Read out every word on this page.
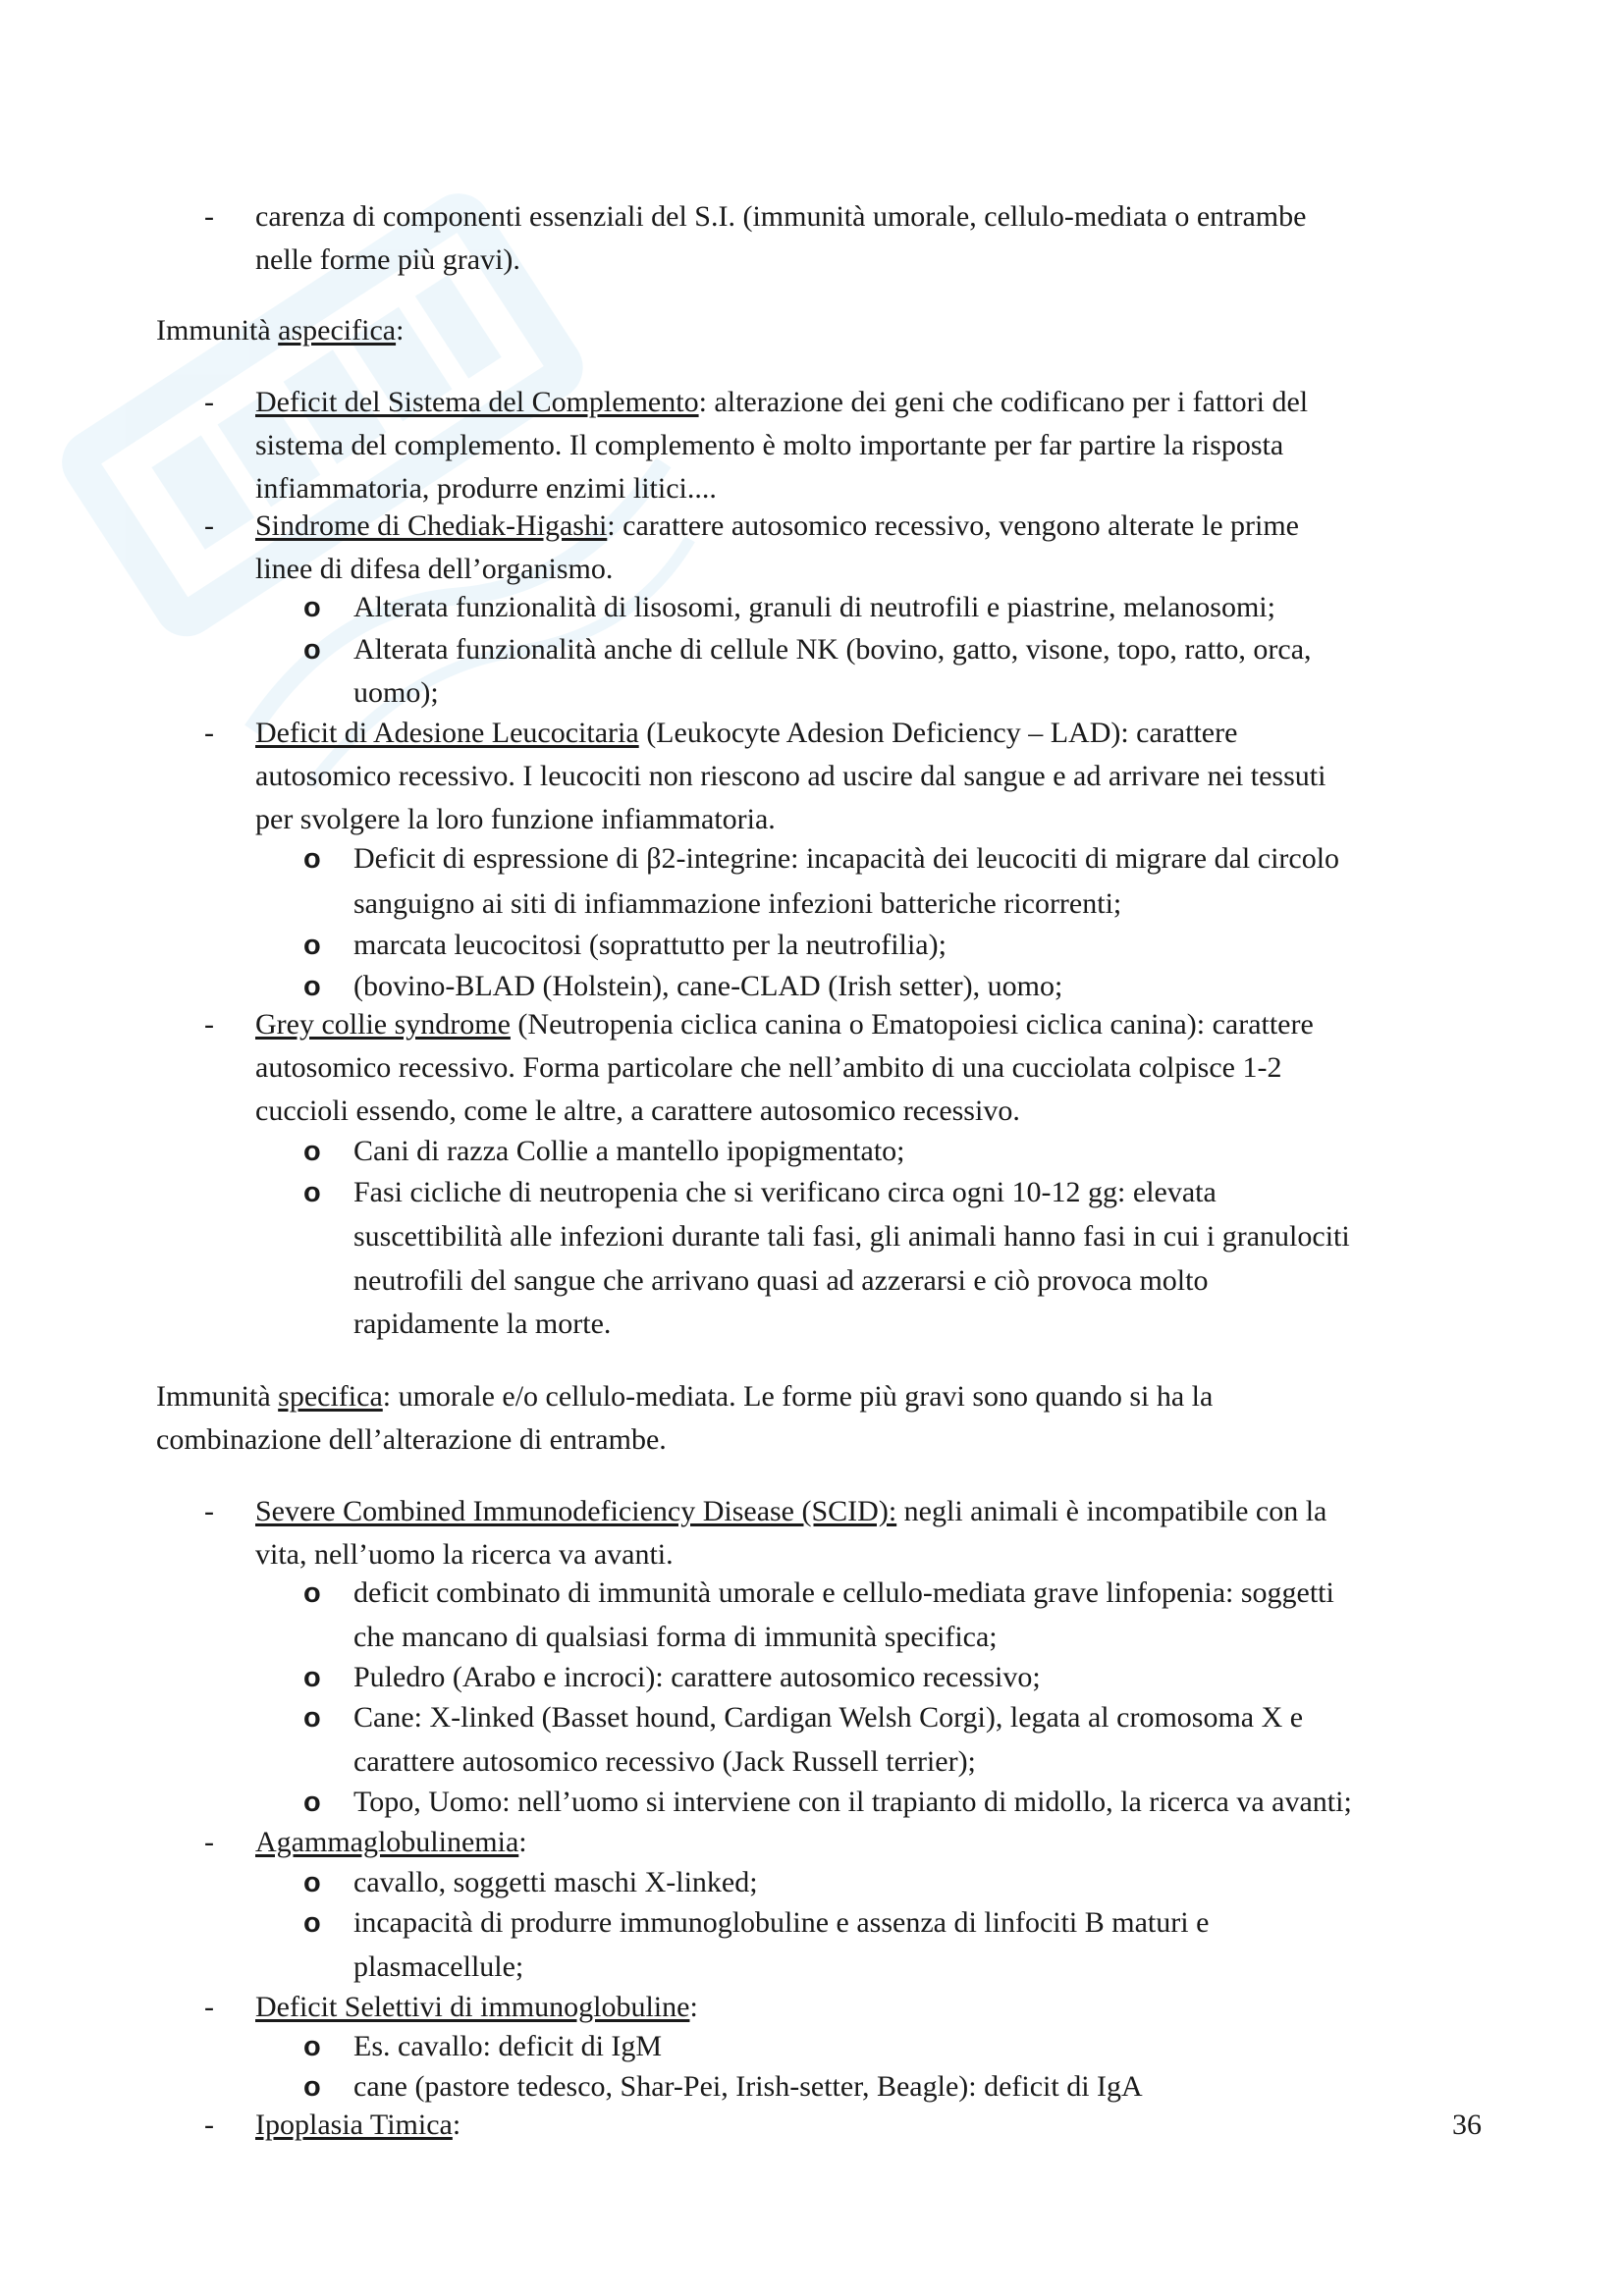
- carenza di componenti essenziali del S.I. (immunità umorale, cellulo-mediata o entrambe
nelle forme più gravi).
Immunità aspecifica:
- Deficit del Sistema del Complemento: alterazione dei geni che codificano per i fattori del
sistema del complemento. Il complemento è molto importante per far partire la risposta
infiammatoria, produrre enzimi litici....
- Sindrome di Chediak-Higashi: carattere autosomico recessivo, vengono alterate le prime
linee di difesa dell’organismo.
o Alterata funzionalità di lisosomi, granuli di neutrofili e piastrine, melanosomi;
o Alterata funzionalità anche di cellule NK (bovino, gatto, visone, topo, ratto, orca,
uomo);
- Deficit di Adesione Leucocitaria (Leukocyte Adesion Deficiency – LAD): carattere
autosomico recessivo. I leucociti non riescono ad uscire dal sangue e ad arrivare nei tessuti
per svolgere la loro funzione infiammatoria.
o Deficit di espressione di β2-integrine: incapacità dei leucociti di migrare dal circolo
sanguigno ai siti di infiammazione infezioni batteriche ricorrenti;
o marcata leucocitosi (soprattutto per la neutrofilia);
o (bovino-BLAD (Holstein), cane-CLAD (Irish setter), uomo;
- Grey collie syndrome (Neutropenia ciclica canina o Ematopoiesi ciclica canina): carattere
autosomico recessivo. Forma particolare che nell’ambito di una cucciolata colpisce 1-2
cuccioli essendo, come le altre, a carattere autosomico recessivo.
o Cani di razza Collie a mantello ipopigmentato;
o Fasi cicliche di neutropenia che si verificano circa ogni 10-12 gg: elevata
suscettibilità alle infezioni durante tali fasi, gli animali hanno fasi in cui i granulociti
neutrofili del sangue che arrivano quasi ad azzerarsi e ciò provoca molto
rapidamente la morte.
Immunità specifica: umorale e/o cellulo-mediata. Le forme più gravi sono quando si ha la
combinazione dell’alterazione di entrambe.
- Severe Combined Immunodeficiency Disease (SCID): negli animali è incompatibile con la
vita, nell’uomo la ricerca va avanti.
o deficit combinato di immunità umorale e cellulo-mediata grave linfopenia: soggetti
che mancano di qualsiasi forma di immunità specifica;
o Puledro (Arabo e incroci): carattere autosomico recessivo;
o Cane: X-linked (Basset hound, Cardigan Welsh Corgi), legata al cromosoma X e
carattere autosomico recessivo (Jack Russell terrier);
o Topo, Uomo: nell’uomo si interviene con il trapianto di midollo, la ricerca va avanti;
- Agammaglobulinemia:
o cavallo, soggetti maschi X-linked;
o incapacità di produrre immunoglobuline e assenza di linfociti B maturi e
plasmacellule;
- Deficit Selettivi di immunoglobuline:
o Es. cavallo: deficit di IgM
o cane (pastore tedesco, Shar-Pei, Irish-setter, Beagle): deficit di IgA
- Ipoplasia Timica:	36
